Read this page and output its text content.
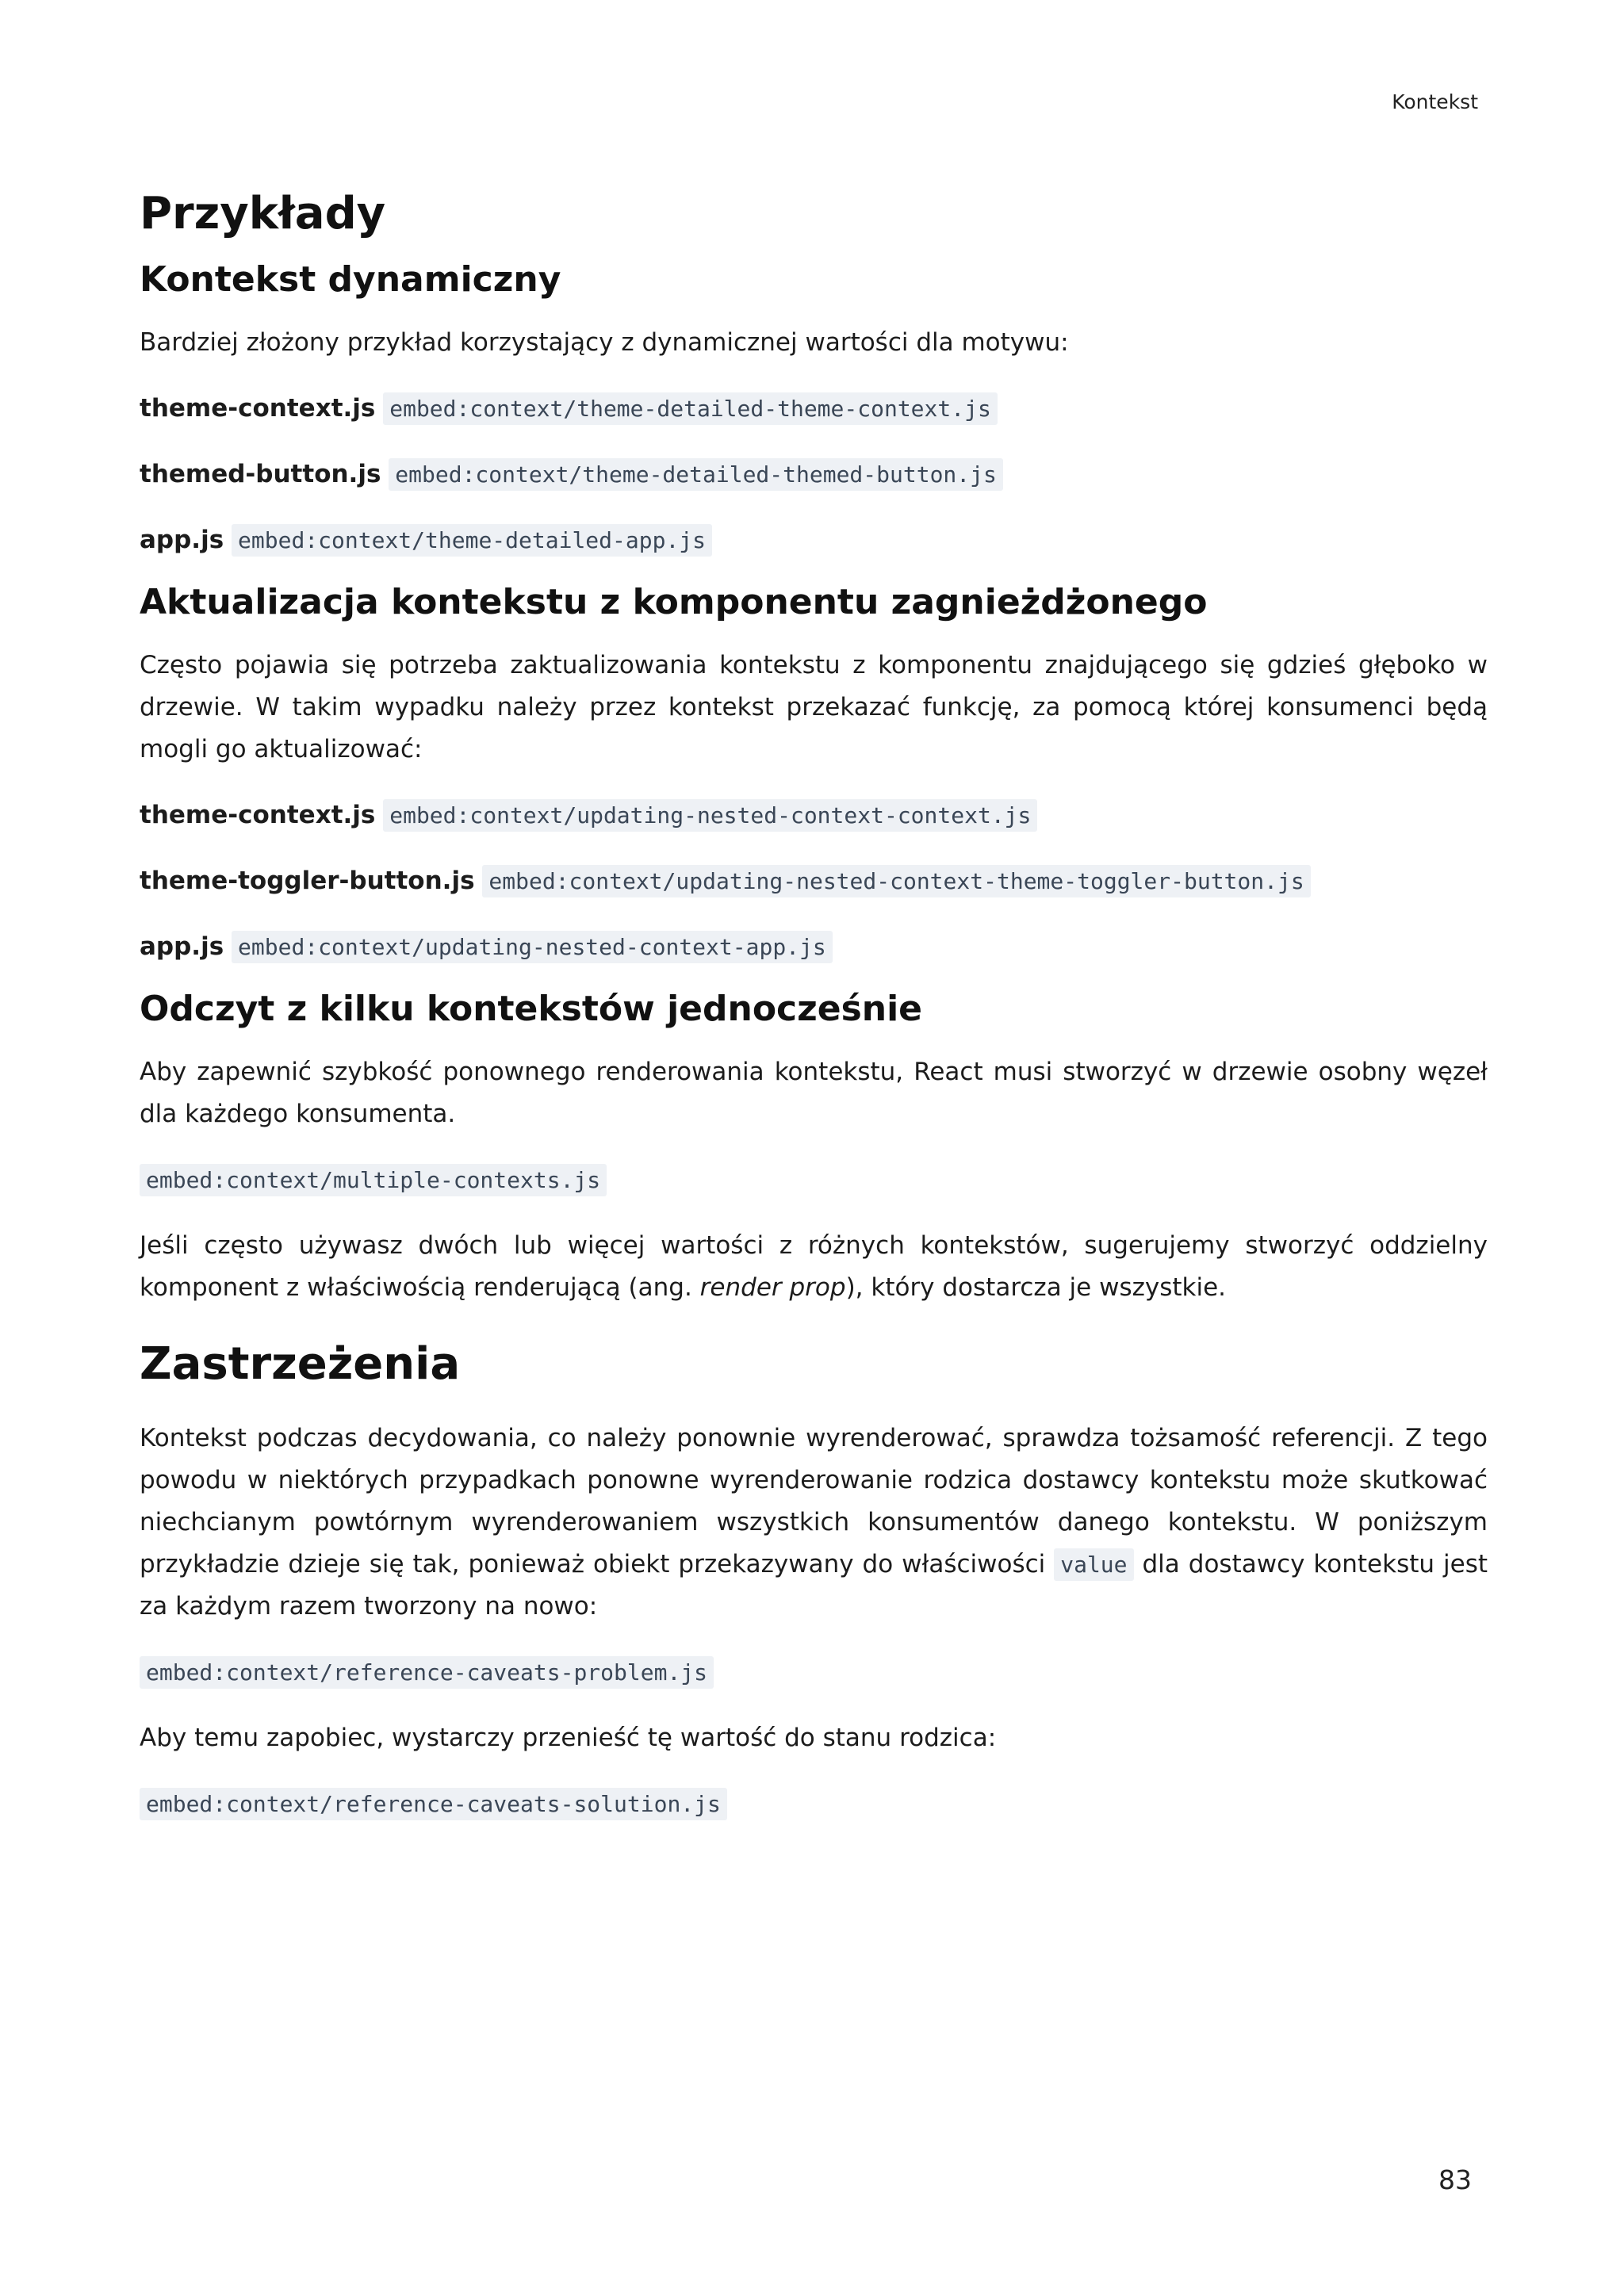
Kontekst
Przykłady
Kontekst dynamiczny

Bardziej złożony przykład korzystający z dynamicznej wartości dla motywu:

theme-context.js embed:context/theme-detailed-theme-context.js
themed-button.js embed:context/theme-detailed-themed-button.js
app.js embed:context/theme-detailed-app.js
Aktualizacja kontekstu z komponentu zagnieżdżonego

Często pojawia się potrzeba zaktualizowania kontekstu z komponentu znajdującego się gdzieś głęboko w drzewie. W takim wypadku należy przez kontekst przekazać funkcję, za pomocą której konsumenci będą mogli go aktualizować:

theme-context.js embed:context/updating-nested-context-context.js
theme-toggler-button.js embed:context/updating-nested-context-theme-toggler-button.js
app.js embed:context/updating-nested-context-app.js
Odczyt z kilku kontekstów jednocześnie

Aby zapewnić szybkość ponownego renderowania kontekstu, React musi stworzyć w drzewie osobny węzeł dla każdego konsumenta.

embed:context/multiple-contexts.js

Jeśli często używasz dwóch lub więcej wartości z różnych kontekstów, sugerujemy stworzyć oddzielny komponent z właściwością renderującą (ang. render prop), który dostarcza je wszystkie.

Zastrzeżenia

Kontekst podczas decydowania, co należy ponownie wyrenderować, sprawdza tożsamość referencji. Z tego powodu w niektórych przypadkach ponowne wyrenderowanie rodzica dostawcy kontekstu może skutkować niechcianym powtórnym wyrenderowaniem wszystkich konsumentów danego kontekstu. W poniższym przykładzie dzieje się tak, ponieważ obiekt przekazywany do właściwości value dla dostawcy kontekstu jest za każdym razem tworzony na nowo:

embed:context/reference-caveats-problem.js

Aby temu zapobiec, wystarczy przenieść tę wartość do stanu rodzica:

embed:context/reference-caveats-solution.js
83
